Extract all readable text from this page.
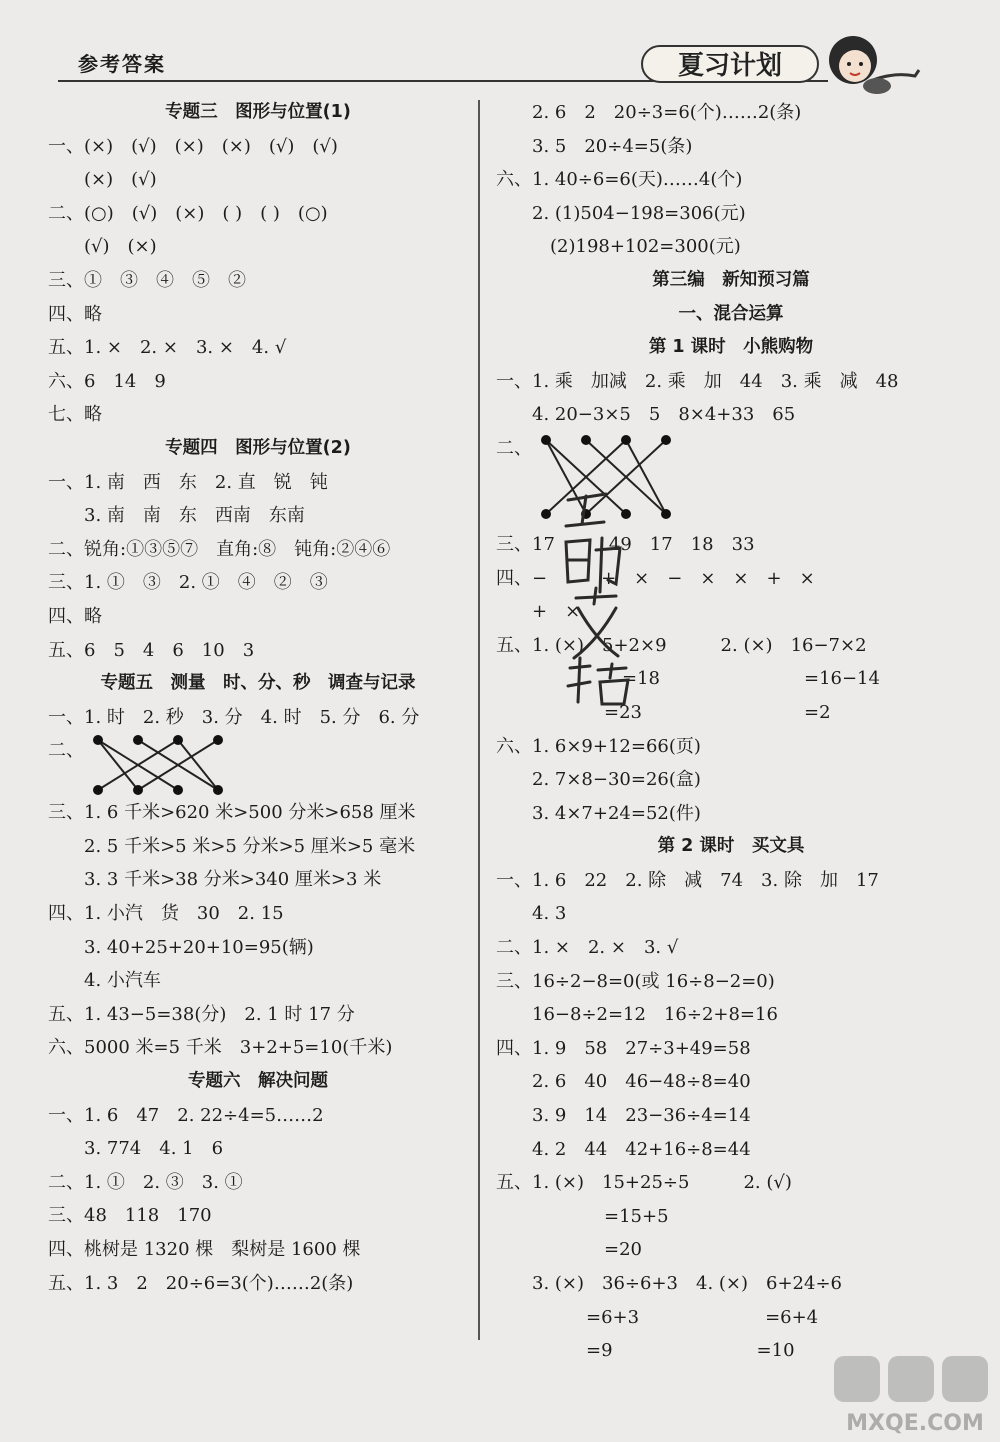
参考答案	夏习计划
专题三　图形与位置(1)
一、(×)　(√)　(×)　(×)　(√)　(√)
　　(×)　(√)
二、(○)　(√)　(×)　( )　( )　(○)
　　(√)　(×)
三、①　③　④　⑤　②
四、略
五、1. ×　2. ×　3. ×　4. √
六、6　14　9
七、略
专题四　图形与位置(2)
一、1. 南　西　东　2. 直　锐　钝
　　3. 南　南　东　西南　东南
二、锐角:①③⑤⑦　直角:⑧　钝角:②④⑥
三、1. ①　③　2. ①　④　②　③
四、略
五、6　5　4　6　10　3
专题五　测量　时、分、秒　调查与记录
一、1. 时　2. 秒　3. 分　4. 时　5. 分　6. 分
二、
三、1. 6 千米>620 米>500 分米>658 厘米
　　2. 5 千米>5 米>5 分米>5 厘米>5 毫米
　　3. 3 千米>38 分米>340 厘米>3 米
四、1. 小汽　货　30　2. 15
　　3. 40+25+20+10=95(辆)
　　4. 小汽车
五、1. 43−5=38(分)　2. 1 时 17 分
六、5000 米=5 千米　3+2+5=10(千米)
专题六　解决问题
一、1. 6　47　2. 22÷4=5……2
　　3. 774　4. 1　6
二、1. ①　2. ③　3. ①
三、48　118　170
四、桃树是 1320 棵　梨树是 1600 棵
五、1. 3　2　20÷6=3(个)……2(条)
　　2. 6　2　20÷3=6(个)……2(条)
　　3. 5　20÷4=5(条)
六、1. 40÷6=6(天)……4(个)
　　2. (1)504−198=306(元)
　　　(2)198+102=300(元)
第三编　新知预习篇
一、混合运算
第 1 课时　小熊购物
一、1. 乘　加减　2. 乘　加　44　3. 乘　减　48
　　4. 20−3×5　5　8×4+33　65
二、
三、17　　　49　17　18　33
四、−　　　+　×　−　×　×　+　×
　　+　×
五、1. (×)　5+2×9　　　2. (×)　16−7×2
　　　　　　　=18　　　　　　　　=16−14
　　　　　　=23　　　　　　　　　=2
六、1. 6×9+12=66(页)
　　2. 7×8−30=26(盒)
　　3. 4×7+24=52(件)
第 2 课时　买文具
一、1. 6　22　2. 除　减　74　3. 除　加　17
　　4. 3
二、1. ×　2. ×　3. √
三、16÷2−8=0(或 16÷8−2=0)
　　16−8÷2=12　16÷2+8=16
四、1. 9　58　27÷3+49=58
　　2. 6　40　46−48÷8=40
　　3. 9　14　23−36÷4=14
　　4. 2　44　42+16÷8=44
五、1. (×)　15+25÷5　　　2. (√)
　　　　　　=15+5
　　　　　　=20
　　3. (×)　36÷6+3　4. (×)　6+24÷6
　　　　　=6+3　　　　　　　=6+4
　　　　　=9　　　　　　　　=10
MXQE.COM
